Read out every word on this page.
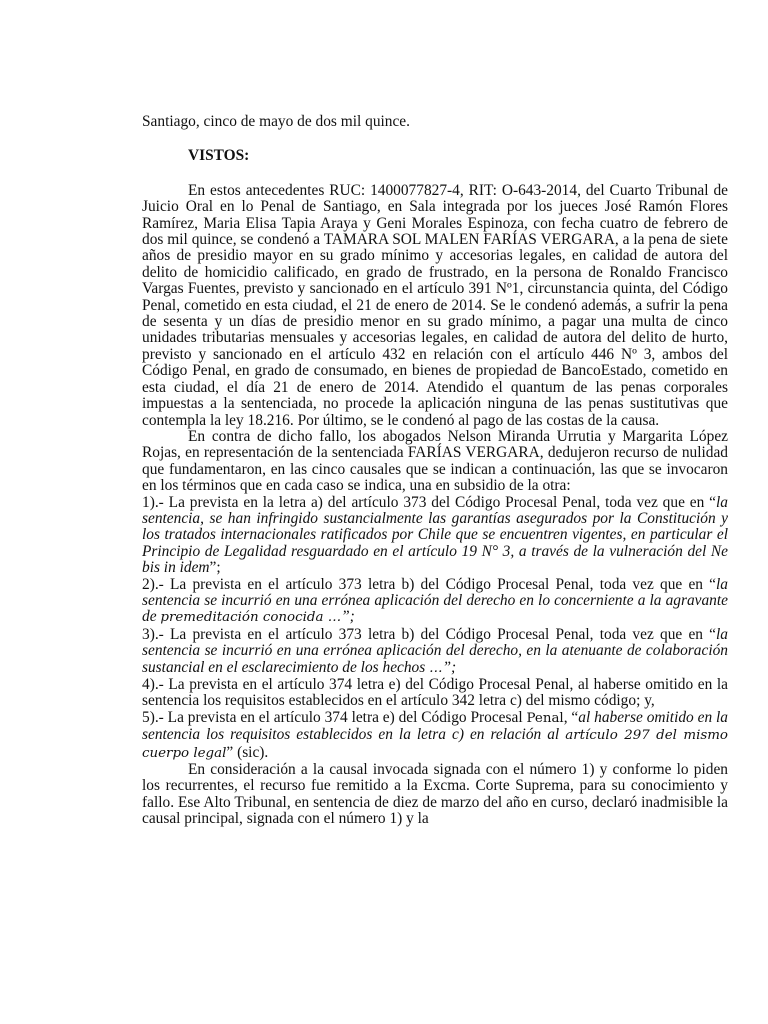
Santiago, cinco de mayo de dos mil quince.

VISTOS:

En estos antecedentes RUC: 1400077827-4, RIT: O-643-2014, del Cuarto Tribunal de Juicio Oral en lo Penal de Santiago, en Sala integrada por los jueces José Ramón Flores Ramírez, Maria Elisa Tapia Araya y Geni Morales Espinoza, con fecha cuatro de febrero de dos mil quince, se condenó a TAMARA SOL MALEN FARÍAS VERGARA, a la pena de siete años de presidio mayor en su grado mínimo y accesorias legales, en calidad de autora del delito de homicidio calificado, en grado de frustrado, en la persona de Ronaldo Francisco Vargas Fuentes, previsto y sancionado en el artículo 391 Nº1, circunstancia quinta, del Código Penal, cometido en esta ciudad, el 21 de enero de 2014. Se le condenó además, a sufrir la pena de sesenta y un días de presidio menor en su grado mínimo, a pagar una multa de cinco unidades tributarias mensuales y accesorias legales, en calidad de autora del delito de hurto, previsto y sancionado en el artículo 432 en relación con el artículo 446 Nº 3, ambos del Código Penal, en grado de consumado, en bienes de propiedad de BancoEstado, cometido en esta ciudad, el día 21 de enero de 2014. Atendido el quantum de las penas corporales impuestas a la sentenciada, no procede la aplicación ninguna de las penas sustitutivas que contempla la ley 18.216. Por último, se le condenó al pago de las costas de la causa.

En contra de dicho fallo, los abogados Nelson Miranda Urrutia y Margarita López Rojas, en representación de la sentenciada FARÍAS VERGARA, dedujeron recurso de nulidad que fundamentaron, en las cinco causales que se indican a continuación, las que se invocaron en los términos que en cada caso se indica, una en subsidio de la otra:

1).- La prevista en la letra a) del artículo 373 del Código Procesal Penal, toda vez que en “la sentencia, se han infringido sustancialmente las garantías asegurados por la Constitución y los tratados internacionales ratificados por Chile que se encuentren vigentes, en particular el Principio de Legalidad resguardado en el artículo 19 N° 3, a través de la vulneración del Ne bis in idem”;

2).- La prevista en el artículo 373 letra b) del Código Procesal Penal, toda vez que en “la sentencia se incurrió en una errónea aplicación del derecho en lo concerniente a la agravante de premeditación conocida …”;

3).- La prevista en el artículo 373 letra b) del Código Procesal Penal, toda vez que en “la sentencia se incurrió en una errónea aplicación del derecho, en la atenuante de colaboración sustancial en el esclarecimiento de los hechos …”;

4).- La prevista en el artículo 374 letra e) del Código Procesal Penal, al haberse omitido en la sentencia los requisitos establecidos en el artículo 342 letra c) del mismo código; y,

5).- La prevista en el artículo 374 letra e) del Código Procesal Penal, “al haberse omitido en la sentencia los requisitos establecidos en la letra c) en relación al artículo 297 del mismo cuerpo legal” (sic).

En consideración a la causal invocada signada con el número 1) y conforme lo piden los recurrentes, el recurso fue remitido a la Excma. Corte Suprema, para su conocimiento y fallo. Ese Alto Tribunal, en sentencia de diez de marzo del año en curso, declaró inadmisible la causal principal, signada con el número 1) y la
